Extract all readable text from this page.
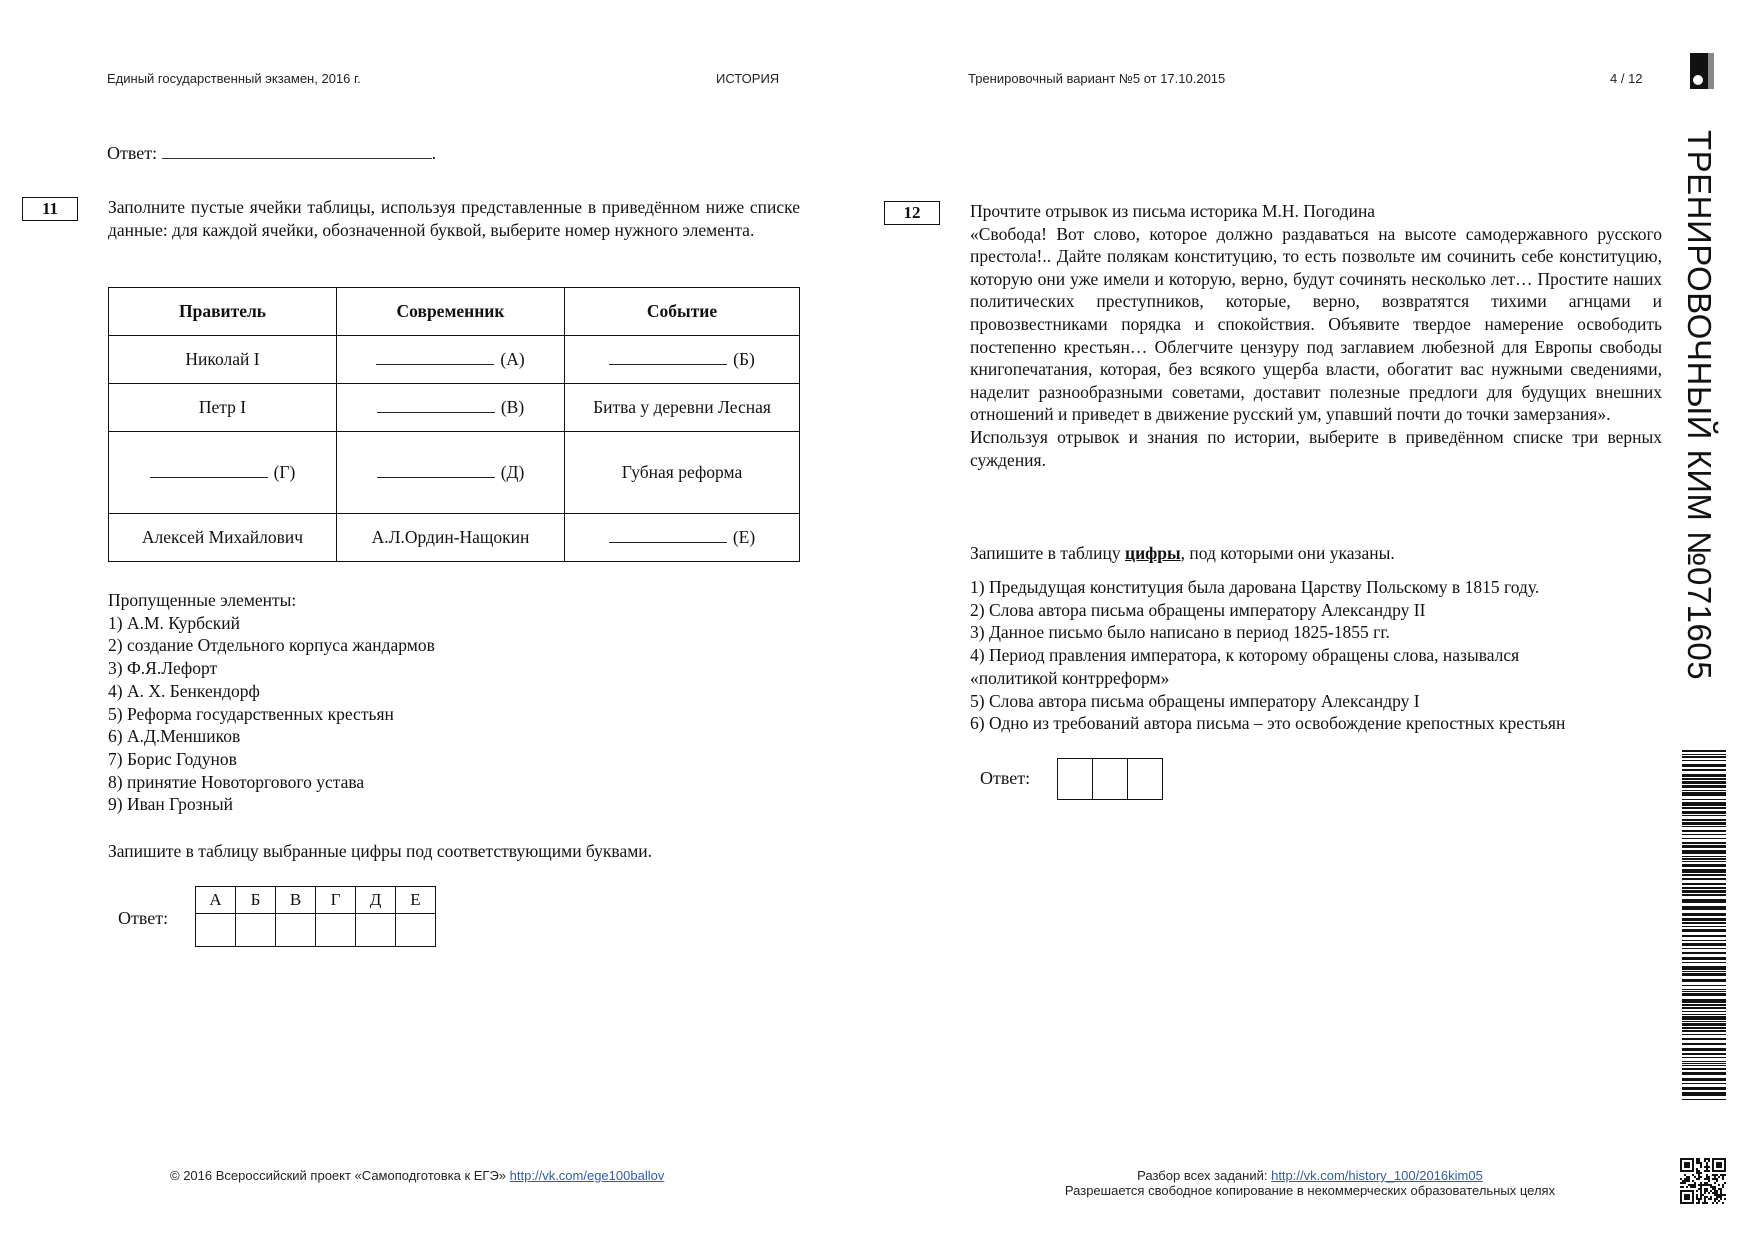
Единый государственный экзамен, 2016 г.	ИСТОРИЯ	Тренировочный вариант №5 от 17.10.2015	4 / 12
Ответ:	.
11	Заполните пустые ячейки таблицы, используя представленные в приведённом ниже списке данные: для каждой ячейки, обозначенной буквой, выберите номер нужного элемента.
Правитель	Современник	Событие
Николай I	(А)	(Б)
Петр I	(В)	Битва у деревни Лесная
(Г)	(Д)	Губная реформа
Алексей Михайлович	А.Л.Ордин-Нащокин	(Е)
Пропущенные элементы:
1) А.М. Курбский
2) создание Отдельного корпуса жандармов
3) Ф.Я.Лефорт
4) А. Х. Бенкендорф
5) Реформа государственных крестьян
6) А.Д.Меншиков
7) Борис Годунов
8) принятие Новоторгового устава
9) Иван Грозный
Запишите в таблицу выбранные цифры под соответствующими буквами.
Ответ:
А	Б	В	Г	Д	Е

12	Прочтите отрывок из письма историка М.Н. Погодина
«Свобода! Вот слово, которое должно раздаваться на высоте самодержавного русского престола!.. Дайте полякам конституцию, то есть позвольте им сочинить себе конституцию, которую они уже имели и которую, верно, будут сочинять несколько лет… Простите наших политических преступников, которые, верно, возвратятся тихими агнцами и провозвестниками порядка и спокойствия. Объявите твердое намерение освободить постепенно крестьян… Облегчите цензуру под заглавием любезной для Европы свободы книгопечатания, которая, без всякого ущерба власти, обогатит вас нужными сведениями, наделит разнообразными советами, доставит полезные предлоги для будущих внешних отношений и приведет в движение русский ум, упавший почти до точки замерзания».
Используя отрывок и знания по истории, выберите в приведённом списке три верных суждения.
Запишите в таблицу цифры, под которыми они указаны.
1) Предыдущая конституция была дарована Царству Польскому в 1815 году.
2) Слова автора письма обращены императору Александру II
3) Данное письмо было написано в период 1825-1855 гг.
4) Период правления императора, к которому обращены слова, назывался «политикой контрреформ»
5) Слова автора письма обращены императору Александру I
6) Одно из требований автора письма – это освобождение крепостных крестьян
Ответ:

ТРЕНИРОВОЧНЫЙ КИМ №071605
© 2016 Всероссийский проект «Самоподготовка к ЕГЭ» http://vk.com/ege100ballov	Разбор всех заданий: http://vk.com/history_100/2016kim05
Разрешается свободное копирование в некоммерческих образовательных целях
